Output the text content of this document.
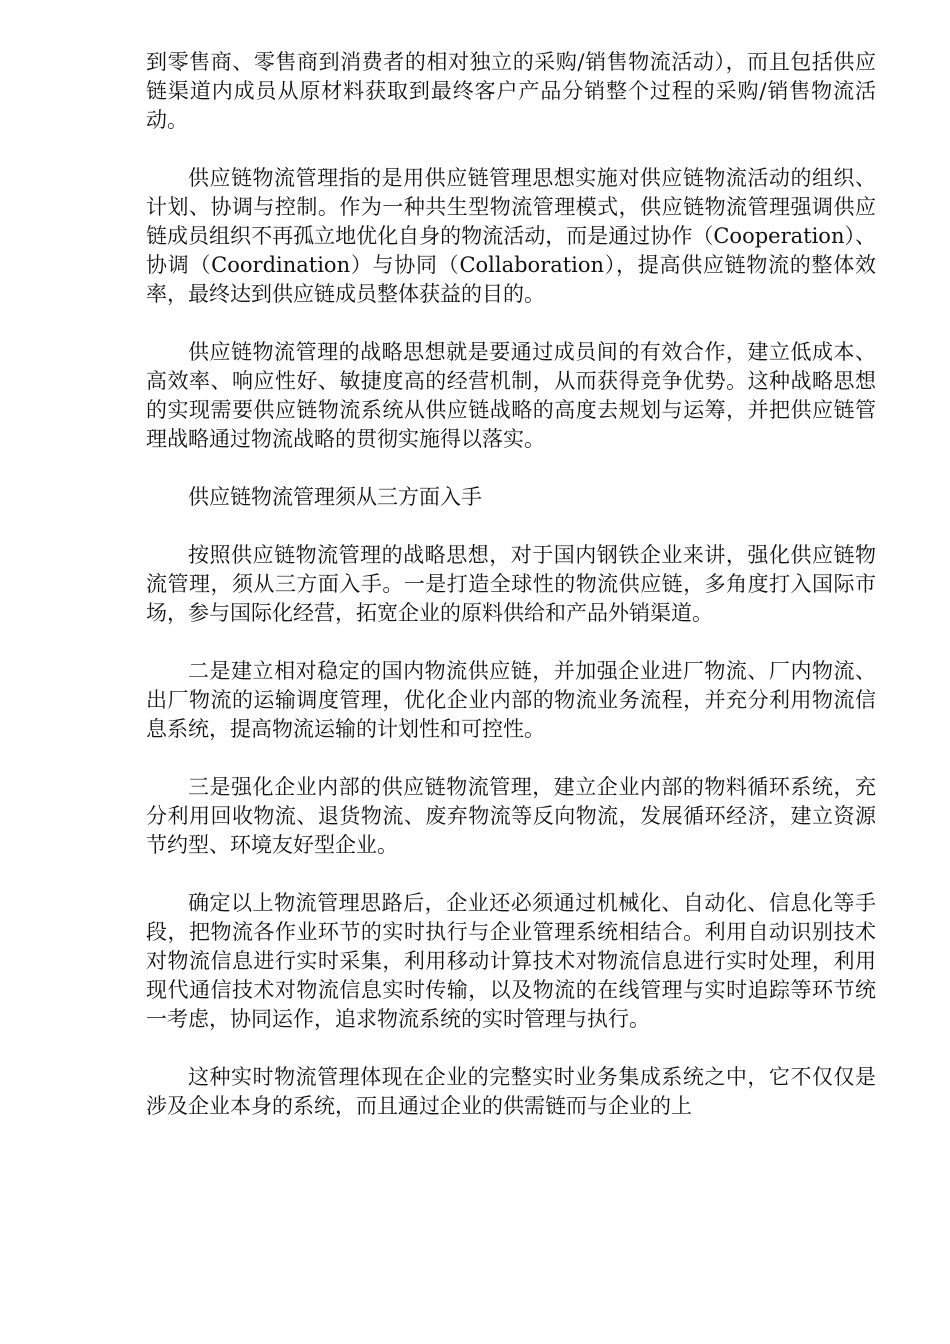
到零售商、零售商到消费者的相对独立的采购/销售物流活动），而且包括供应链渠道内成员从原材料获取到最终客户产品分销整个过程的采购/销售物流活动。

供应链物流管理指的是用供应链管理思想实施对供应链物流活动的组织、计划、协调与控制。作为一种共生型物流管理模式，供应链物流管理强调供应链成员组织不再孤立地优化自身的物流活动，而是通过协作（Cooperation）、协调（Coordination）与协同（Collaboration），提高供应链物流的整体效率，最终达到供应链成员整体获益的目的。

供应链物流管理的战略思想就是要通过成员间的有效合作，建立低成本、高效率、响应性好、敏捷度高的经营机制，从而获得竞争优势。这种战略思想的实现需要供应链物流系统从供应链战略的高度去规划与运筹，并把供应链管理战略通过物流战略的贯彻实施得以落实。

供应链物流管理须从三方面入手

按照供应链物流管理的战略思想，对于国内钢铁企业来讲，强化供应链物流管理，须从三方面入手。一是打造全球性的物流供应链，多角度打入国际市场，参与国际化经营，拓宽企业的原料供给和产品外销渠道。

二是建立相对稳定的国内物流供应链，并加强企业进厂物流、厂内物流、出厂物流的运输调度管理，优化企业内部的物流业务流程，并充分利用物流信息系统，提高物流运输的计划性和可控性。

三是强化企业内部的供应链物流管理，建立企业内部的物料循环系统，充分利用回收物流、退货物流、废弃物流等反向物流，发展循环经济，建立资源节约型、环境友好型企业。

确定以上物流管理思路后，企业还必须通过机械化、自动化、信息化等手段，把物流各作业环节的实时执行与企业管理系统相结合。利用自动识别技术对物流信息进行实时采集，利用移动计算技术对物流信息进行实时处理，利用现代通信技术对物流信息实时传输，以及物流的在线管理与实时追踪等环节统一考虑，协同运作，追求物流系统的实时管理与执行。

这种实时物流管理体现在企业的完整实时业务集成系统之中，它不仅仅是涉及企业本身的系统，而且通过企业的供需链而与企业的上
